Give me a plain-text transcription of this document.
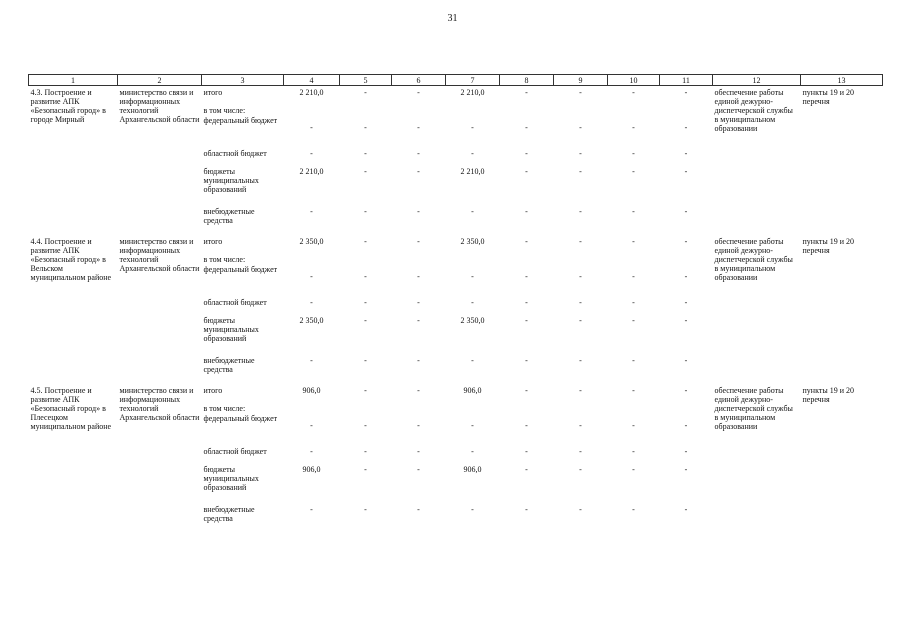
31
1	2	3	4	5	6	7	8	9	10	11	12	13
4.3. Построение и развитие АПК «Безопасный город» в городе Мирный	министерство связи и информационных технологий Архангельской области	итого	2 210,0	-	-	2 210,0	-	-	-	-	обеспечение работы единой дежурно-диспетчерской службы в муниципальном образовании	пункты 19 и 20 перечня
		в том числе:										
		федеральный бюджет	-	-	-	-	-	-	-	-		
		областной бюджет	-	-	-	-	-	-	-	-		
		бюджеты муниципальных образований	2 210,0	-	-	2 210,0	-	-	-	-		
		внебюджетные средства	-	-	-	-	-	-	-	-		
4.4. Построение и развитие АПК «Безопасный город» в Вельском муниципальном районе	министерство связи и информационных технологий Архангельской области	итого	2 350,0	-	-	2 350,0	-	-	-	-	обеспечение работы единой дежурно-диспетчерской службы в муниципальном образовании	пункты 19 и 20 перечня
		в том числе:										
		федеральный бюджет	-	-	-	-	-	-	-	-		
		областной бюджет	-	-	-	-	-	-	-	-		
		бюджеты муниципальных образований	2 350,0	-	-	2 350,0	-	-	-	-		
		внебюджетные средства	-	-	-	-	-	-	-	-		
4.5. Построение и развитие АПК «Безопасный город» в Плесецком муниципальном районе	министерство связи и информационных технологий Архангельской области	итого	906,0	-	-	906,0	-	-	-	-	обеспечение работы единой дежурно-диспетчерской службы в муниципальном образовании	пункты 19 и 20 перечня
		в том числе:										
		федеральный бюджет	-	-	-	-	-	-	-	-		
		областной бюджет	-	-	-	-	-	-	-	-		
		бюджеты муниципальных образований	906,0	-	-	906,0	-	-	-	-		
		внебюджетные средства	-	-	-	-	-	-	-	-		
